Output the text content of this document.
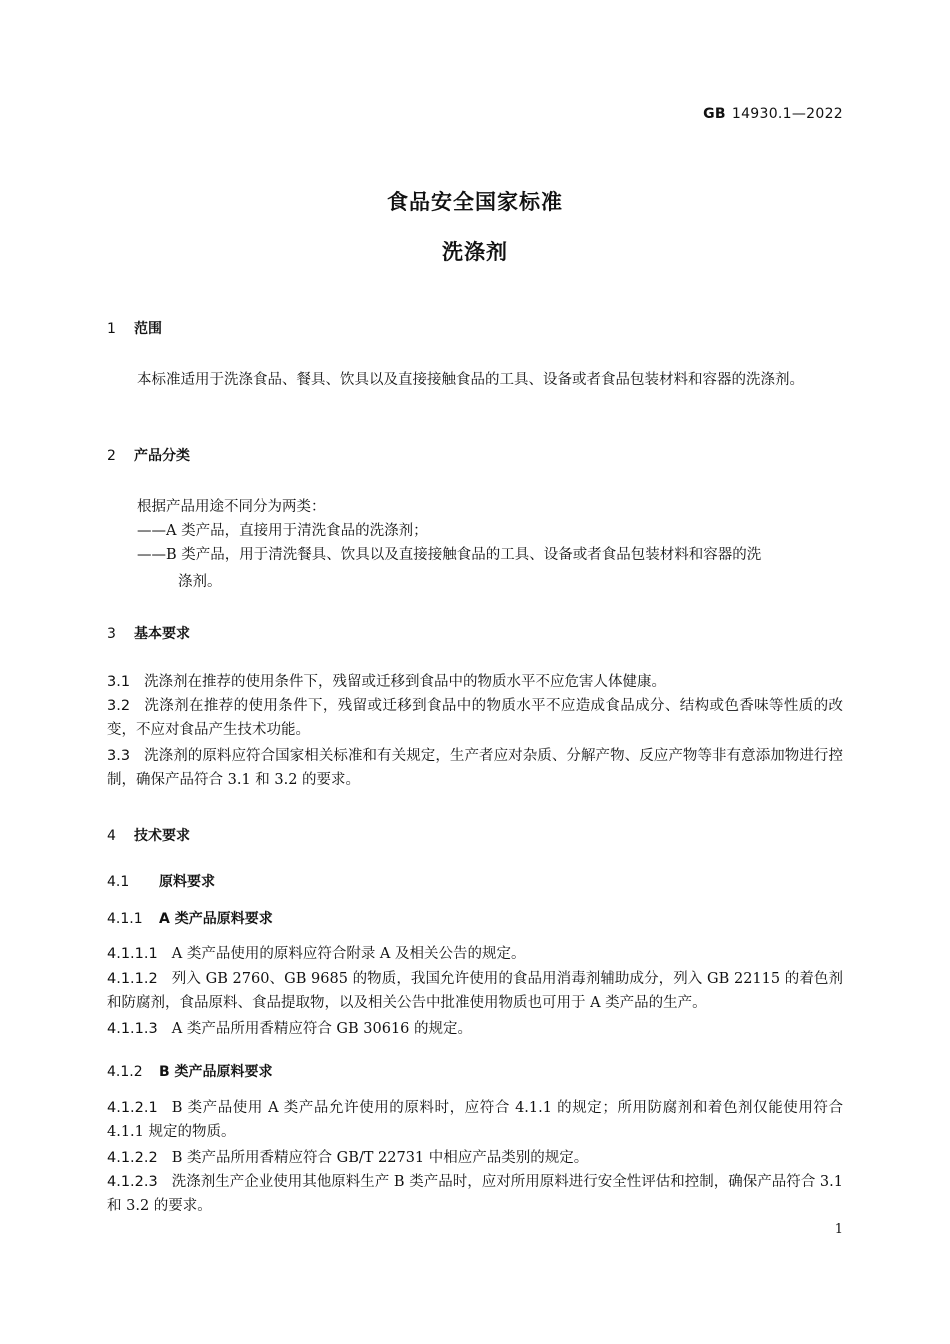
GB 14930.1—2022
食品安全国家标准
洗涤剂
1 范围
本标准适用于洗涤食品、餐具、饮具以及直接接触食品的工具、设备或者食品包装材料和容器的洗涤剂。
2 产品分类
根据产品用途不同分为两类：
——A 类产品，直接用于清洗食品的洗涤剂；
——B 类产品，用于清洗餐具、饮具以及直接接触食品的工具、设备或者食品包装材料和容器的洗
涤剂。
3 基本要求
3.1 洗涤剂在推荐的使用条件下，残留或迁移到食品中的物质水平不应危害人体健康。
3.2 洗涤剂在推荐的使用条件下，残留或迁移到食品中的物质水平不应造成食品成分、结构或色香味等性质的改变，不应对食品产生技术功能。
3.3 洗涤剂的原料应符合国家相关标准和有关规定，生产者应对杂质、分解产物、反应产物等非有意添加物进行控制，确保产品符合 3.1 和 3.2 的要求。
4 技术要求
4.1 原料要求
4.1.1 A 类产品原料要求
4.1.1.1 A 类产品使用的原料应符合附录 A 及相关公告的规定。
4.1.1.2 列入 GB 2760、GB 9685 的物质，我国允许使用的食品用消毒剂辅助成分，列入 GB 22115 的着色剂和防腐剂，食品原料、食品提取物，以及相关公告中批准使用物质也可用于 A 类产品的生产。
4.1.1.3 A 类产品所用香精应符合 GB 30616 的规定。
4.1.2 B 类产品原料要求
4.1.2.1 B 类产品使用 A 类产品允许使用的原料时，应符合 4.1.1 的规定；所用防腐剂和着色剂仅能使用符合 4.1.1 规定的物质。
4.1.2.2 B 类产品所用香精应符合 GB/T 22731 中相应产品类别的规定。
4.1.2.3 洗涤剂生产企业使用其他原料生产 B 类产品时，应对所用原料进行安全性评估和控制，确保产品符合 3.1 和 3.2 的要求。
1
